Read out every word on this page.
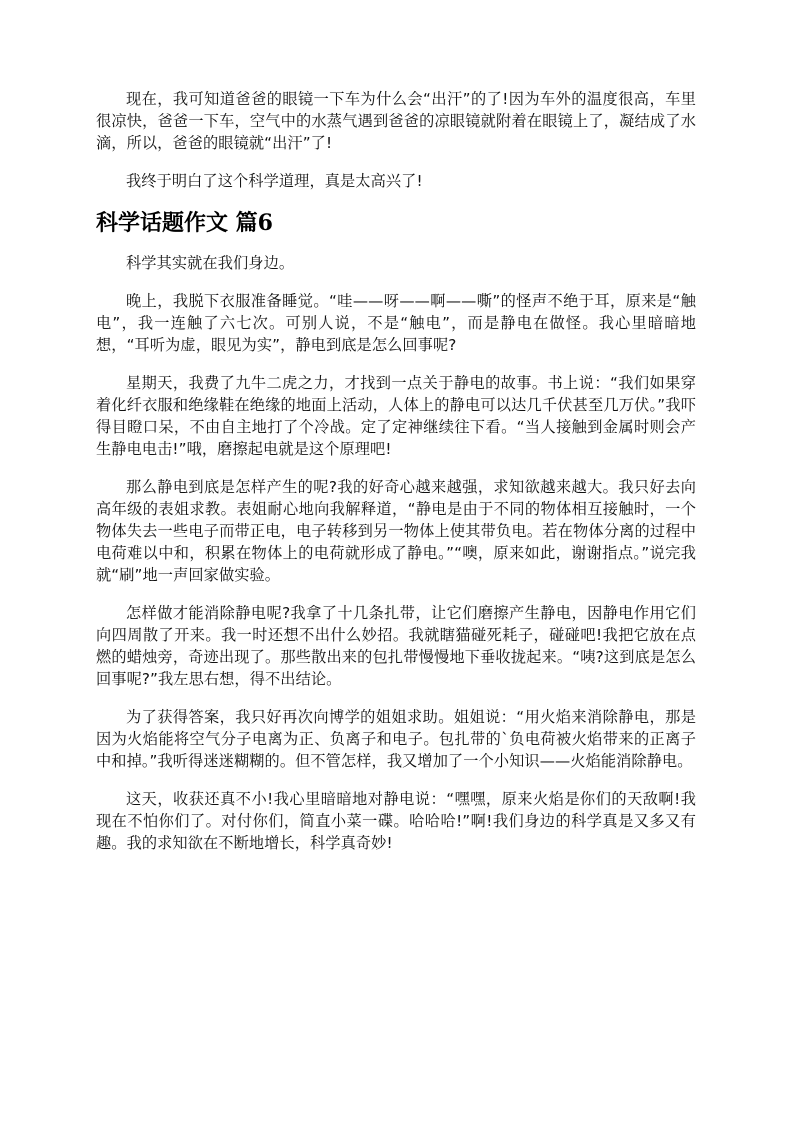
现在，我可知道爸爸的眼镜一下车为什么会“出汗”的了!因为车外的温度很高，车里很凉快，爸爸一下车，空气中的水蒸气遇到爸爸的凉眼镜就附着在眼镜上了，凝结成了水滴，所以，爸爸的眼镜就“出汗”了!

我终于明白了这个科学道理，真是太高兴了!

科学话题作文 篇6

科学其实就在我们身边。

晚上，我脱下衣服准备睡觉。“哇——呀——啊——嘶”的怪声不绝于耳，原来是“触电”，我一连触了六七次。可别人说，不是“触电”，而是静电在做怪。我心里暗暗地想，“耳听为虚，眼见为实”，静电到底是怎么回事呢?

星期天，我费了九牛二虎之力，才找到一点关于静电的故事。书上说：“我们如果穿着化纤衣服和绝缘鞋在绝缘的地面上活动，人体上的静电可以达几千伏甚至几万伏。”我吓得目瞪口呆，不由自主地打了个冷战。定了定神继续往下看。“当人接触到金属时则会产生静电电击!”哦，磨擦起电就是这个原理吧!

那么静电到底是怎样产生的呢?我的好奇心越来越强，求知欲越来越大。我只好去向高年级的表姐求教。表姐耐心地向我解释道，“静电是由于不同的物体相互接触时，一个物体失去一些电子而带正电，电子转移到另一物体上使其带负电。若在物体分离的过程中电荷难以中和，积累在物体上的电荷就形成了静电。”“噢，原来如此，谢谢指点。”说完我就“刷”地一声回家做实验。

怎样做才能消除静电呢?我拿了十几条扎带，让它们磨擦产生静电，因静电作用它们向四周散了开来。我一时还想不出什么妙招。我就瞎猫碰死耗子，碰碰吧!我把它放在点燃的蜡烛旁，奇迹出现了。那些散出来的包扎带慢慢地下垂收拢起来。“咦?这到底是怎么回事呢?”我左思右想，得不出结论。

为了获得答案，我只好再次向博学的姐姐求助。姐姐说：“用火焰来消除静电，那是因为火焰能将空气分子电离为正、负离子和电子。包扎带的`负电荷被火焰带来的正离子中和掉。”我听得迷迷糊糊的。但不管怎样，我又增加了一个小知识——火焰能消除静电。

这天，收获还真不小!我心里暗暗地对静电说：“嘿嘿，原来火焰是你们的天敌啊!我现在不怕你们了。对付你们，简直小菜一碟。哈哈哈!”啊!我们身边的科学真是又多又有趣。我的求知欲在不断地增长，科学真奇妙!
